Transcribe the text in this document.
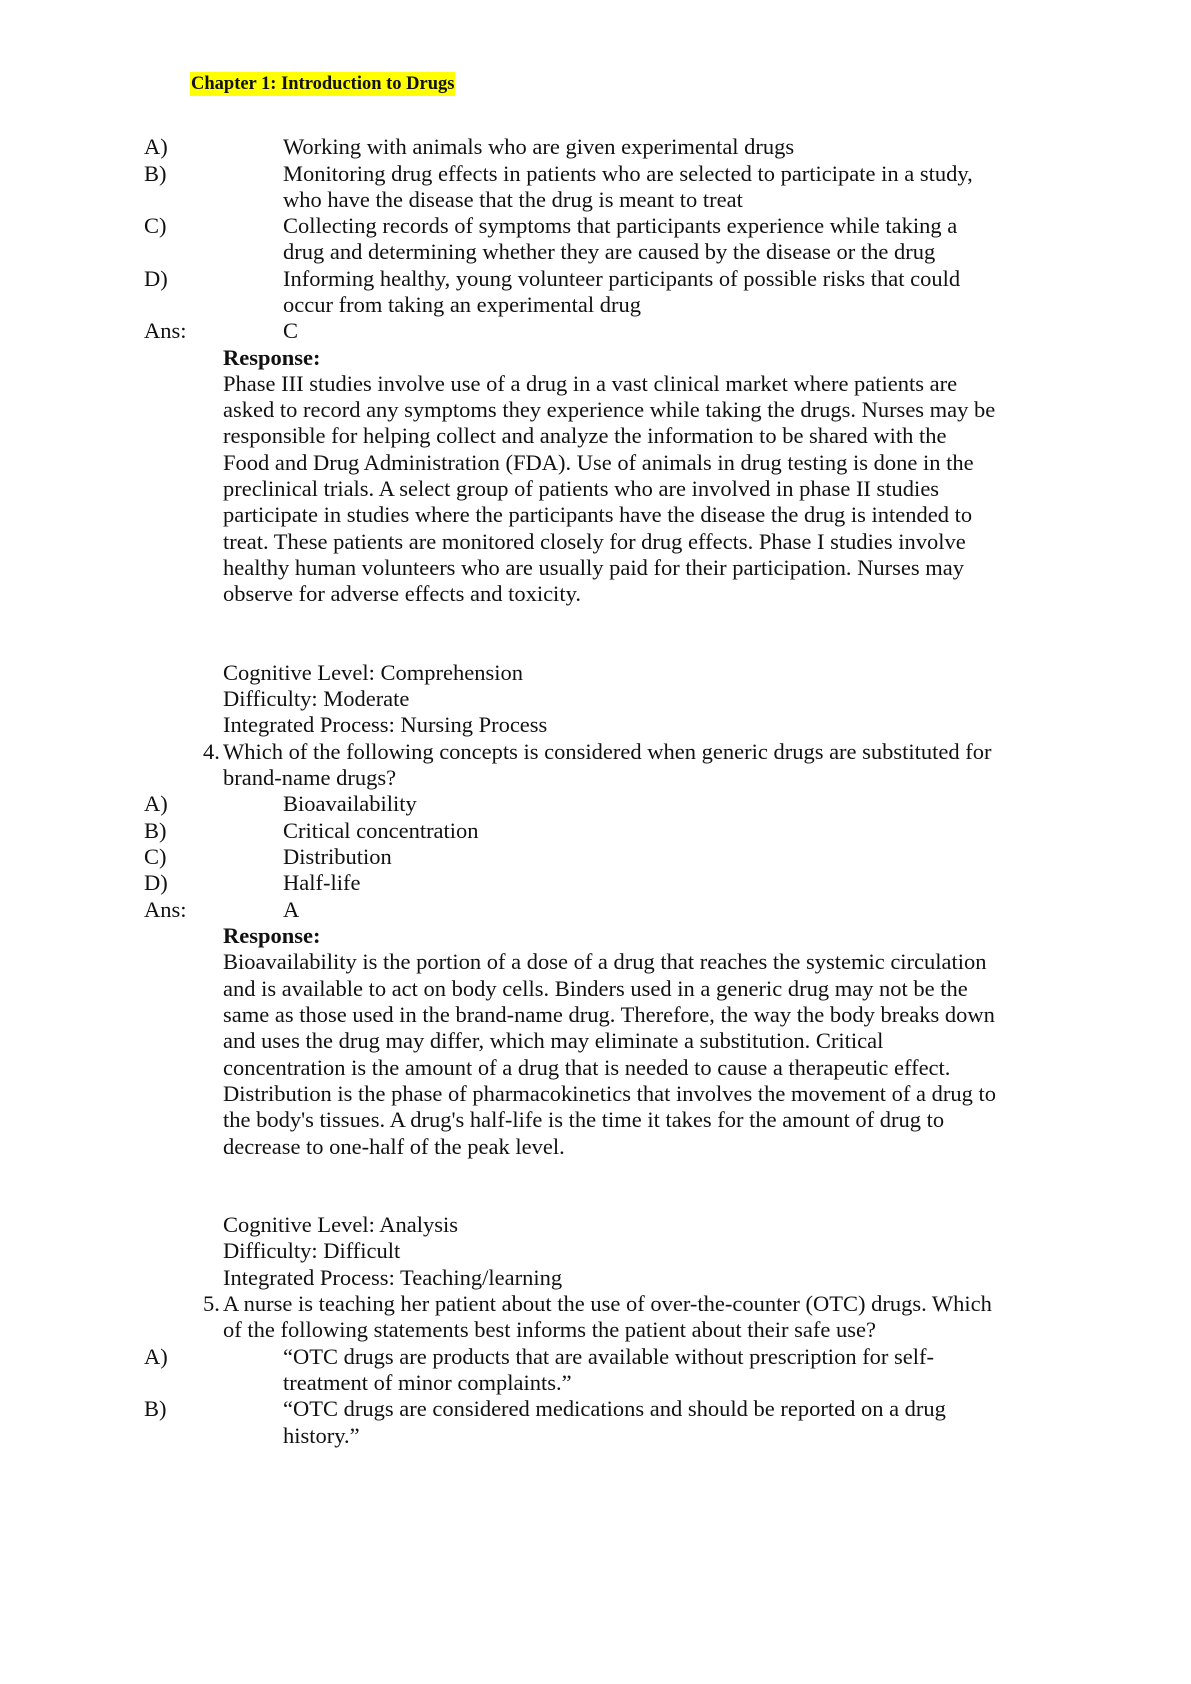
Chapter 1: Introduction to Drugs
A)	Working with animals who are given experimental drugs
B)	Monitoring drug effects in patients who are selected to participate in a study,
who have the disease that the drug is meant to treat
C)	Collecting records of symptoms that participants experience while taking a
drug and determining whether they are caused by the disease or the drug
D)	Informing healthy, young volunteer participants of possible risks that could
occur from taking an experimental drug
Ans:	C
Response:
Phase III studies involve use of a drug in a vast clinical market where patients are
asked to record any symptoms they experience while taking the drugs. Nurses may be
responsible for helping collect and analyze the information to be shared with the
Food and Drug Administration (FDA). Use of animals in drug testing is done in the
preclinical trials. A select group of patients who are involved in phase II studies
participate in studies where the participants have the disease the drug is intended to
treat. These patients are monitored closely for drug effects. Phase I studies involve
healthy human volunteers who are usually paid for their participation. Nurses may
observe for adverse effects and toxicity.
Cognitive Level: Comprehension
Difficulty: Moderate
Integrated Process: Nursing Process
4. Which of the following concepts is considered when generic drugs are substituted for
brand-name drugs?
A)	Bioavailability
B)	Critical concentration
C)	Distribution
D)	Half-life
Ans:	A
Response:
Bioavailability is the portion of a dose of a drug that reaches the systemic circulation
and is available to act on body cells. Binders used in a generic drug may not be the
same as those used in the brand-name drug. Therefore, the way the body breaks down
and uses the drug may differ, which may eliminate a substitution. Critical
concentration is the amount of a drug that is needed to cause a therapeutic effect.
Distribution is the phase of pharmacokinetics that involves the movement of a drug to
the body's tissues. A drug's half-life is the time it takes for the amount of drug to
decrease to one-half of the peak level.
Cognitive Level: Analysis
Difficulty: Difficult
Integrated Process: Teaching/learning
5. A nurse is teaching her patient about the use of over-the-counter (OTC) drugs. Which
of the following statements best informs the patient about their safe use?
A)	“OTC drugs are products that are available without prescription for self-
treatment of minor complaints.”
B)	“OTC drugs are considered medications and should be reported on a drug
history.”
